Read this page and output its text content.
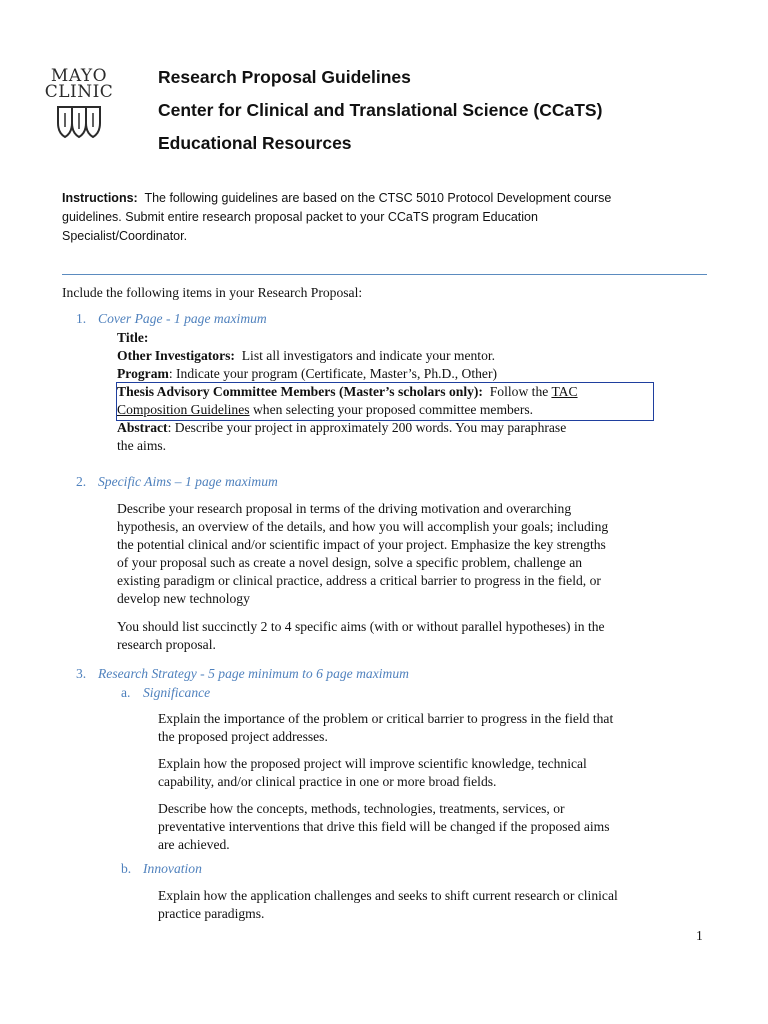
MAYO
CLINIC
Research Proposal Guidelines
Center for Clinical and Translational Science (CCaTS)
Educational Resources
Instructions: The following guidelines are based on the CTSC 5010 Protocol Development course guidelines. Submit entire research proposal packet to your CCaTS program Education Specialist/Coordinator.
Include the following items in your Research Proposal:
1. Cover Page - 1 page maximum
Title:
Other Investigators: List all investigators and indicate your mentor.
Program: Indicate your program (Certificate, Master’s, Ph.D., Other)
Thesis Advisory Committee Members (Master’s scholars only): Follow the TAC
Composition Guidelines when selecting your proposed committee members.
Abstract: Describe your project in approximately 200 words. You may paraphrase
the aims.
2. Specific Aims – 1 page maximum
Describe your research proposal in terms of the driving motivation and overarching
hypothesis, an overview of the details, and how you will accomplish your goals; including
the potential clinical and/or scientific impact of your project. Emphasize the key strengths
of your proposal such as create a novel design, solve a specific problem, challenge an
existing paradigm or clinical practice, address a critical barrier to progress in the field, or
develop new technology
You should list succinctly 2 to 4 specific aims (with or without parallel hypotheses) in the
research proposal.
3. Research Strategy - 5 page minimum to 6 page maximum
a. Significance
Explain the importance of the problem or critical barrier to progress in the field that
the proposed project addresses.
Explain how the proposed project will improve scientific knowledge, technical
capability, and/or clinical practice in one or more broad fields.
Describe how the concepts, methods, technologies, treatments, services, or
preventative interventions that drive this field will be changed if the proposed aims
are achieved.
b. Innovation
Explain how the application challenges and seeks to shift current research or clinical
practice paradigms.
1
